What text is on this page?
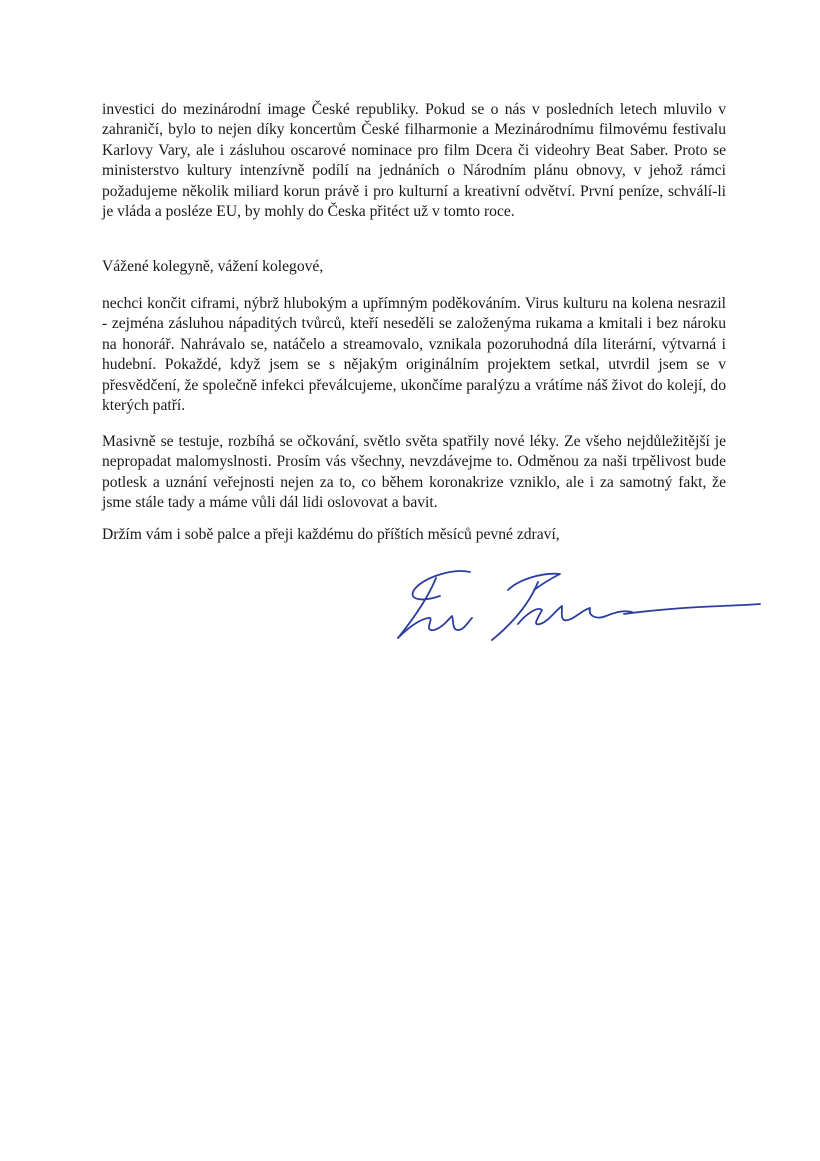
investici do mezinárodní image České republiky. Pokud se o nás v posledních letech mluvilo v zahraničí, bylo to nejen díky koncertům České filharmonie a Mezinárodnímu filmovému festivalu Karlovy Vary, ale i zásluhou oscarové nominace pro film Dcera či videohry Beat Saber. Proto se ministerstvo kultury intenzívně podílí na jednáních o Národním plánu obnovy, v jehož rámci požadujeme několik miliard korun právě i pro kulturní a kreativní odvětví. První peníze, schválí-li je vláda a posléze EU, by mohly do Česka přitéct už v tomto roce.
Vážené kolegyně, vážení kolegové,
nechci končit ciframi, nýbrž hlubokým a upřímným poděkováním. Virus kulturu na kolena nesrazil - zejména zásluhou nápaditých tvůrců, kteří neseděli se založenýma rukama a kmitali i bez nároku na honorář. Nahrávalo se, natáčelo a streamovalo, vznikala pozoruhodná díla literární, výtvarná i hudební. Pokaždé, když jsem se s nějakým originálním projektem setkal, utvrdil jsem se v přesvědčení, že společně infekci převálcujeme, ukončíme paralýzu a vrátíme náš život do kolejí, do kterých patří.
Masivně se testuje, rozbíhá se očkování, světlo světa spatřily nové léky. Ze všeho nejdůležitější je nepropadat malomyslnosti. Prosím vás všechny, nevzdávejme to. Odměnou za naši trpělivost bude potlesk a uznání veřejnosti nejen za to, co během koronakrize vzniklo, ale i za samotný fakt, že jsme stále tady a máme vůli dál lidi oslovovat a bavit.
Držím vám i sobě palce a přeji každému do příštích měsíců pevné zdraví,
